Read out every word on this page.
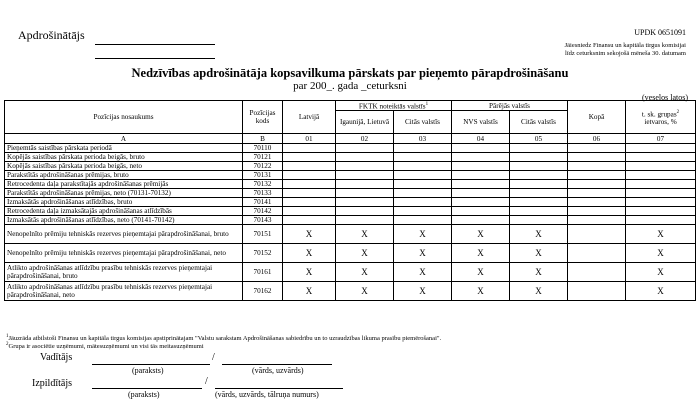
Apdrošinātājs	UPDK 0651091
Jāiesniedz Finansu un kapitāla tirgus komisijai
līdz ceturksnim sekojošā mēneša 30. datumam
Nedzīvības apdrošinātāja kopsavilkuma pārskats par pieņemto pārapdrošināšanu
par 200_. gada _ceturksni
(veselos latos)
Pozīcijas nosaukums	Pozīcijas kods	Latvijā	FKTK noteiktās valstīs$^1$		Pārējās valstīs		Kopā	t. sk. grupas$^2$
ietvaros, %
			Igaunijā, Lietuvā	Citās valstīs	NVS valstīs	Citās valstīs		
A	B	01	02	03	04	05	06	07
Pieņemtās saistības pārskata periodā	70110							
Kopējās saistības pārskata perioda beigās, bruto	70121							
Kopējās saistības pārskata perioda beigās, neto	70122							
Parakstītās apdrošināšanas prēmijas, bruto	70131							
Retrocedenta daļa parakstītajās apdrošināšanas prēmijās	70132							
Parakstītās apdrošināšanas prēmijas, neto (70131-70132)	70133							
Izmaksātās apdrošināšanas atlīdzības, bruto	70141							
Retrocedenta daļa izmaksātajās apdrošināšanas atlīdzībās	70142							
Izmaksātās apdrošināšanas atlīdzības, neto (70141-70142)	70143							
Nenopelnīto prēmiju tehniskās rezerves pieņemtajai pārapdrošināšanai, bruto	70151	X	X	X	X	X		X
Nenopelnīto prēmiju tehniskās rezerves pieņemtajai pārapdrošināšanai, neto	70152	X	X	X	X	X		X
Atlikto apdrošināšanas atlīdzību prasību tehniskās rezerves pieņemtajai pārapdrošināšanai, bruto	70161	X	X	X	X	X		X
Atlikto apdrošināšanas atlīdzību prasību tehniskās rezerves pieņemtajai pārapdrošināšanai, neto	70162	X	X	X	X	X		X
$^1$Jāuzrāda atbilstoši Finansu un kapitāla tirgus komisijas apstiprinātajam "Valstu sarakstam Apdrošināšanas sabiedrību un to uzraudzības likuma prasību piemērošanai".
$^2$Grupa ir asociētie uzņēmumi, mātesuzņēmumi un visi tās meitasuzņēmumi
Vadītājs	/
(paraksts)	(vārds, uzvārds)
Izpildītājs	/
(paraksts)	(vārds, uzvārds, tālruņa numurs)
